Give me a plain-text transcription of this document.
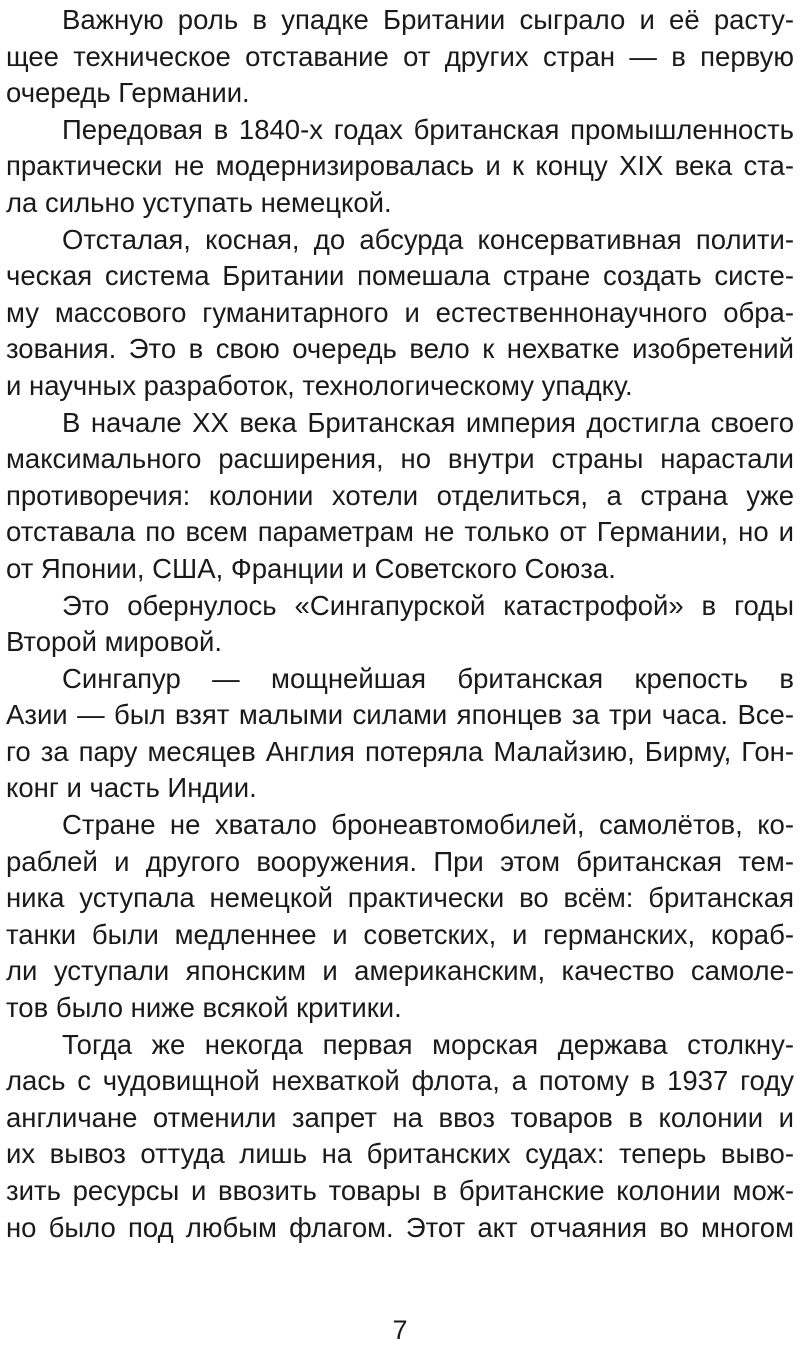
Важную роль в упадке Британии сыграло и её расту-
щее техническое отставание от других стран — в первую
очередь Германии.
Передовая в 1840-х годах британская промышленность
практически не модернизировалась и к концу XIX века ста-
ла сильно уступать немецкой.
Отсталая, косная, до абсурда консервативная полити-
ческая система Британии помешала стране создать систе-
му массового гуманитарного и естественнонаучного обра-
зования. Это в свою очередь вело к нехватке изобретений
и научных разработок, технологическому упадку.
В начале XX века Британская империя достигла своего
максимального расширения, но внутри страны нарастали
противоречия: колонии хотели отделиться, а страна уже
отставала по всем параметрам не только от Германии, но и
от Японии, США, Франции и Советского Союза.
Это обернулось «Сингапурской катастрофой» в годы
Второй мировой.
Сингапур — мощнейшая британская крепость в
Азии — был взят малыми силами японцев за три часа. Все-
го за пару месяцев Англия потеряла Малайзию, Бирму, Гон-
конг и часть Индии.
Стране не хватало бронеавтомобилей, самолётов, ко-
раблей и другого вооружения. При этом британская тем-
ника уступала немецкой практически во всём: британская
танки были медленнее и советских, и германских, кораб-
ли уступали японским и американским, качество самоле-
тов было ниже всякой критики.
Тогда же некогда первая морская держава столкну-
лась с чудовищной нехваткой флота, а потому в 1937 году
англичане отменили запрет на ввоз товаров в колонии и
их вывоз оттуда лишь на британских судах: теперь выво-
зить ресурсы и ввозить товары в британские колонии мож-
но было под любым флагом. Этот акт отчаяния во многом
7
